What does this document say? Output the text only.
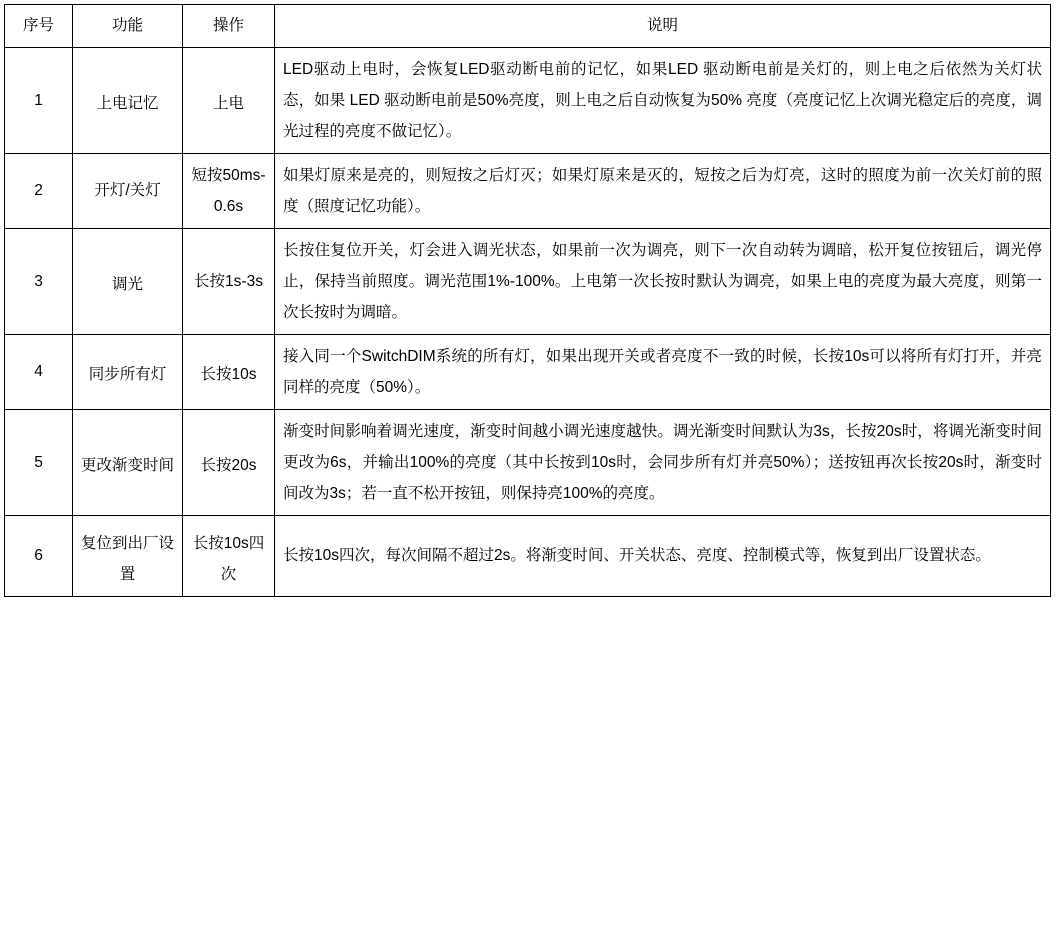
序号	功能	操作	说明
1	上电记忆	上电	LED驱动上电时，会恢复LED驱动断电前的记忆，如果LED 驱动断电前是关灯的，则上电之后依然为关灯状态，如果 LED 驱动断电前是50%亮度，则上电之后自动恢复为50% 亮度（亮度记忆上次调光稳定后的亮度，调光过程的亮度不做记忆）。
2	开灯/关灯	短按50ms-0.6s	如果灯原来是亮的，则短按之后灯灭；如果灯原来是灭的，短按之后为灯亮，这时的照度为前一次关灯前的照度（照度记忆功能）。
3	调光	长按1s-3s	长按住复位开关，灯会进入调光状态，如果前一次为调亮，则下一次自动转为调暗，松开复位按钮后，调光停止，保持当前照度。调光范围1%-100%。上电第一次长按时默认为调亮，如果上电的亮度为最大亮度，则第一次长按时为调暗。
4	同步所有灯	长按10s	接入同一个SwitchDIM系统的所有灯，如果出现开关或者亮度不一致的时候，长按10s可以将所有灯打开，并亮同样的亮度（50%）。
5	更改渐变时间	长按20s	渐变时间影响着调光速度，渐变时间越小调光速度越快。调光渐变时间默认为3s，长按20s时，将调光渐变时间更改为6s，并输出100%的亮度（其中长按到10s时，会同步所有灯并亮50%）；送按钮再次长按20s时，渐变时间改为3s；若一直不松开按钮，则保持亮100%的亮度。
6	复位到出厂设置	长按10s四次	长按10s四次，每次间隔不超过2s。将渐变时间、开关状态、亮度、控制模式等，恢复到出厂设置状态。
